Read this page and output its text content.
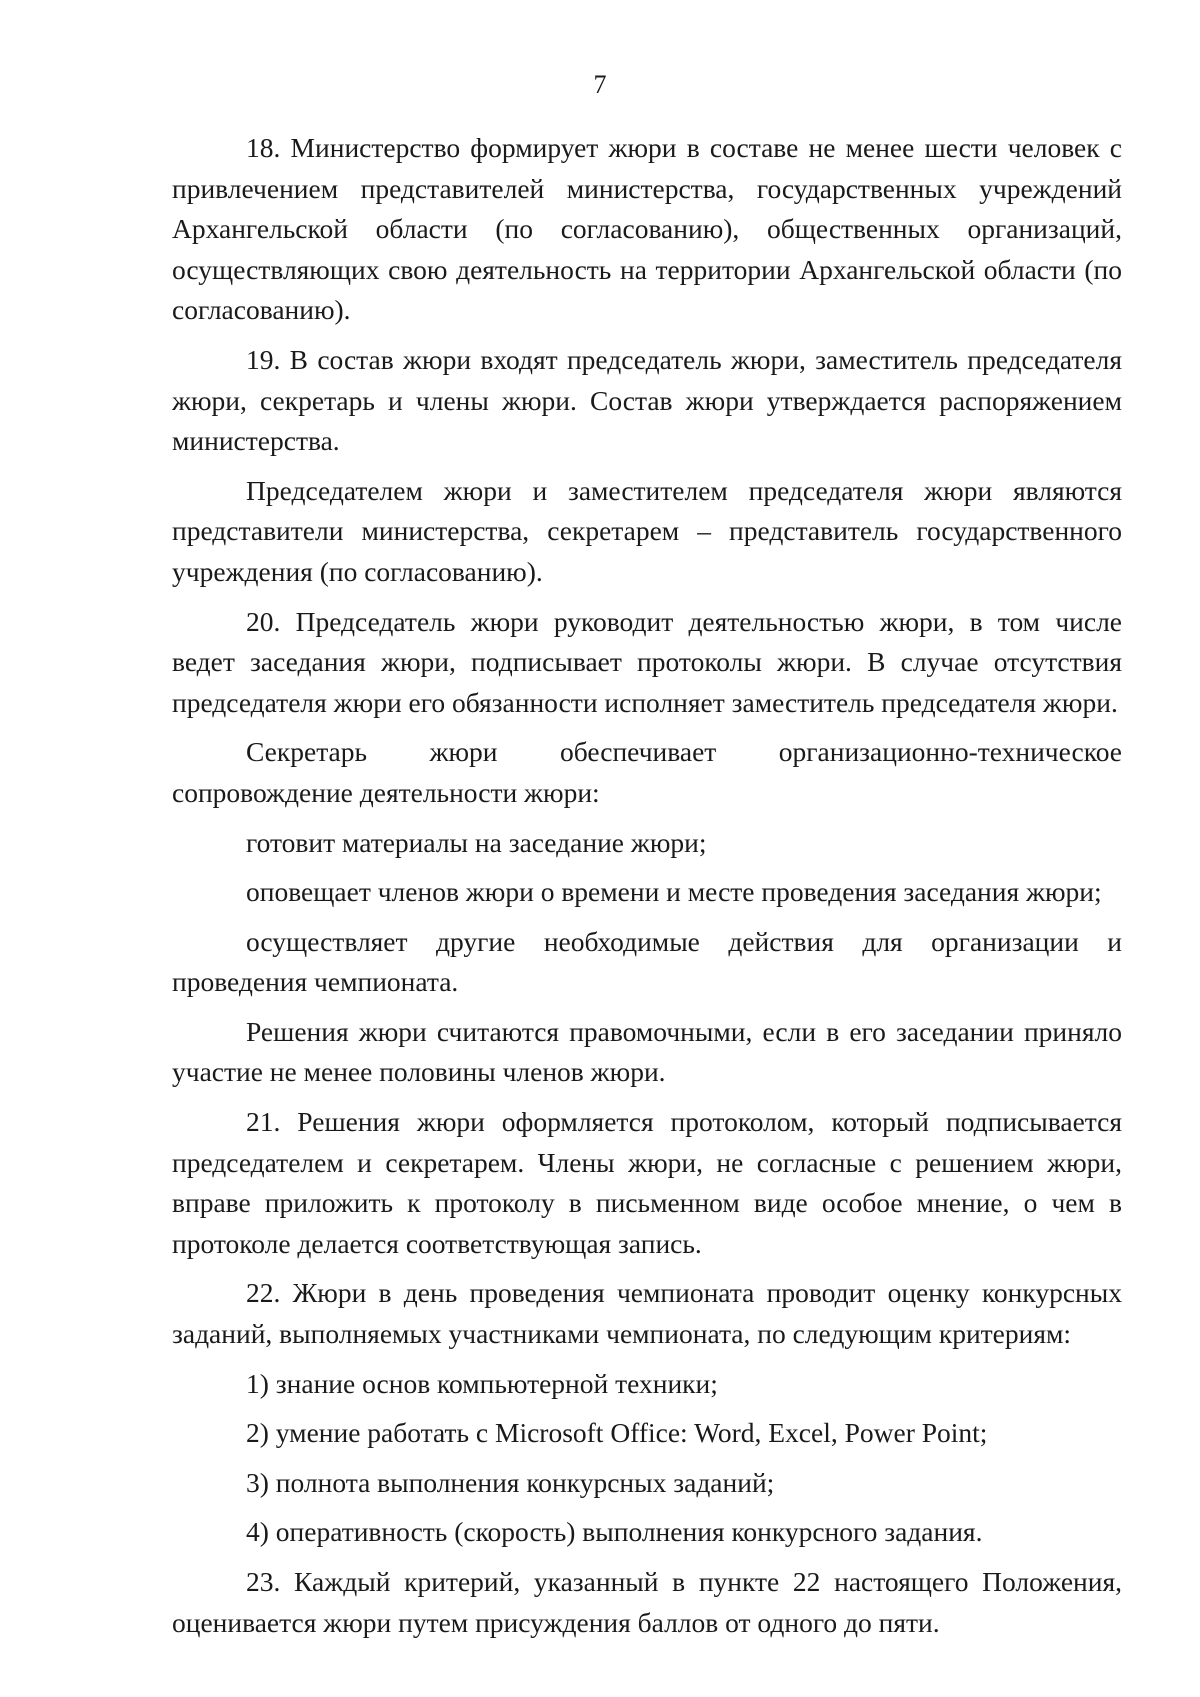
7

18. Министерство формирует жюри в составе не менее шести человек с привлечением представителей министерства, государственных учреждений Архангельской области (по согласованию), общественных организаций, осуществляющих свою деятельность на территории Архангельской области (по согласованию).

19. В состав жюри входят председатель жюри, заместитель председателя жюри, секретарь и члены жюри. Состав жюри утверждается распоряжением министерства.

Председателем жюри и заместителем председателя жюри являются представители министерства, секретарем – представитель государственного учреждения (по согласованию).

20. Председатель жюри руководит деятельностью жюри, в том числе ведет заседания жюри, подписывает протоколы жюри. В случае отсутствия председателя жюри его обязанности исполняет заместитель председателя жюри.

Секретарь жюри обеспечивает организационно-техническое сопровождение деятельности жюри:

готовит материалы на заседание жюри;

оповещает членов жюри о времени и месте проведения заседания жюри;

осуществляет другие необходимые действия для организации и проведения чемпионата.

Решения жюри считаются правомочными, если в его заседании приняло участие не менее половины членов жюри.

21. Решения жюри оформляется протоколом, который подписывается председателем и секретарем. Члены жюри, не согласные с решением жюри, вправе приложить к протоколу в письменном виде особое мнение, о чем в протоколе делается соответствующая запись.

22. Жюри в день проведения чемпионата проводит оценку конкурсных заданий, выполняемых участниками чемпионата, по следующим критериям:

1) знание основ компьютерной техники;

2) умение работать с Microsoft Office: Word, Excel, Power Point;

3) полнота выполнения конкурсных заданий;

4) оперативность (скорость) выполнения конкурсного задания.

23. Каждый критерий, указанный в пункте 22 настоящего Положения, оценивается жюри путем присуждения баллов от одного до пяти.
